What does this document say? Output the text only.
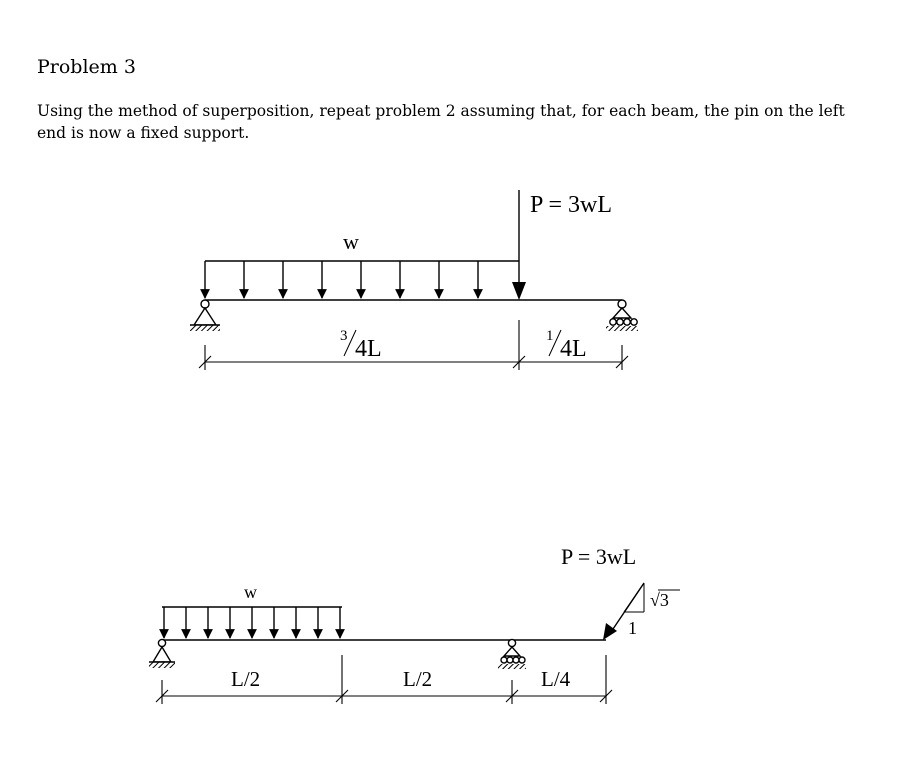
Problem 3
Using the method of superposition, repeat problem 2 assuming that, for each beam, the pin on the left end is now a fixed support.
P = 3wL
w
3 4L	1 4L
P = 3wL
w	√3
1
L/2	L/2	L/4
